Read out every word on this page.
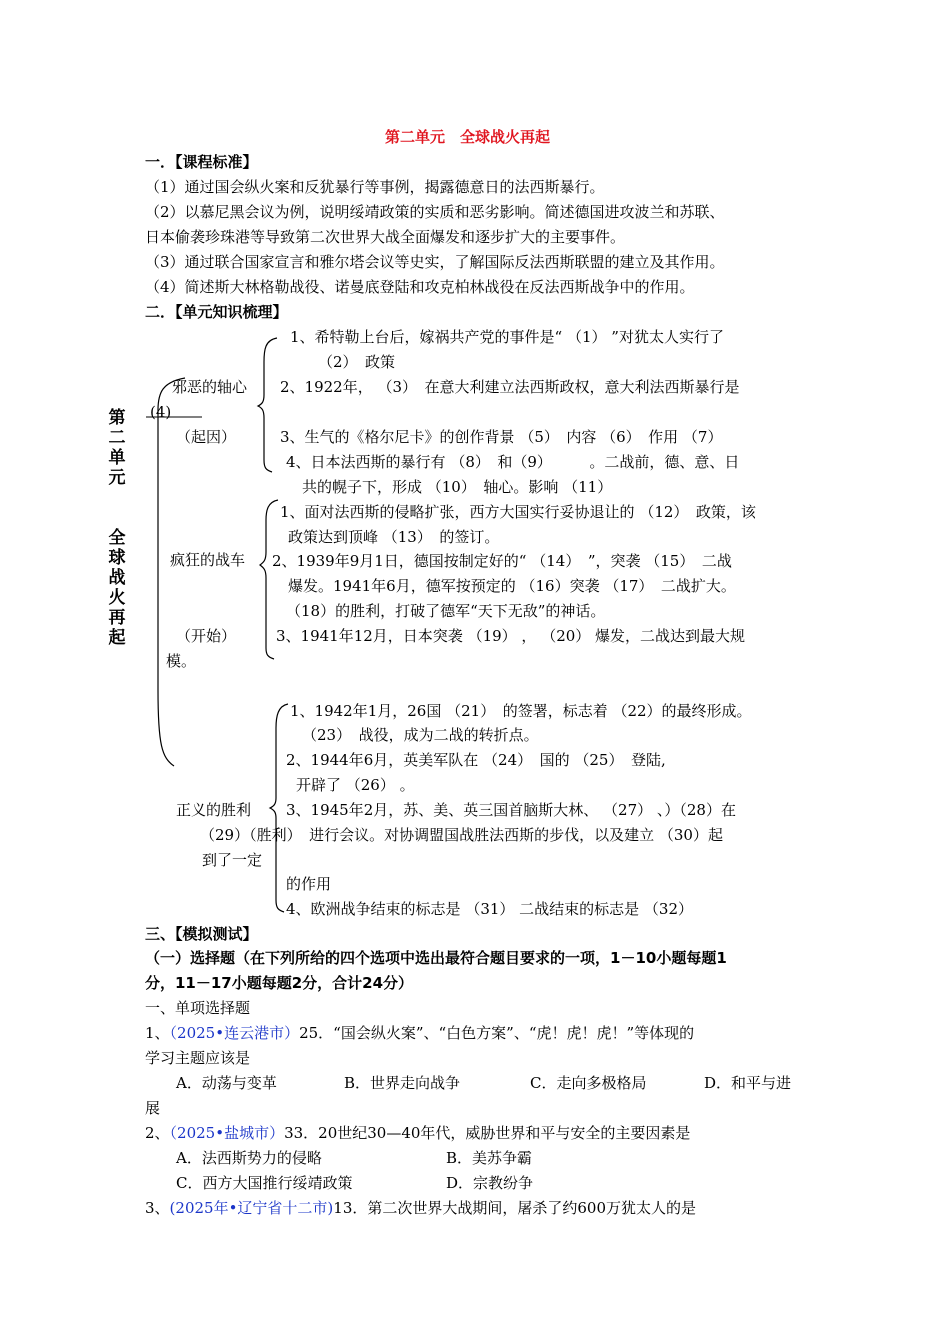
第二单元　全球战火再起
一．【课程标准】
（1）通过国会纵火案和反犹暴行等事例，揭露德意日的法西斯暴行。
（2）以慕尼黑会议为例，说明绥靖政策的实质和恶劣影响。简述德国进攻波兰和苏联、
日本偷袭珍珠港等导致第二次世界大战全面爆发和逐步扩大的主要事件。
（3）通过联合国家宣言和雅尔塔会议等史实，了解国际反法西斯联盟的建立及其作用。
（4）简述斯大林格勒战役、诺曼底登陆和攻克柏林战役在反法西斯战争中的作用。
二．【单元知识梳理】
第二单元
全球战火再起
邪恶的轴心
(4)
（起因）
1、希特勒上台后，嫁祸共产党的事件是“ （1） ”对犹太人实行了
（2）　政策
2、1922年， （3）　在意大利建立法西斯政权，意大利法西斯暴行是
3、生气的《格尔尼卡》的创作背景 （5）　内容 （6）　作用 （7）
4、日本法西斯的暴行有 （8）　和（9）　　　。二战前，德、意、日
共的幌子下，形成 （10）　轴心。影响 （11）
疯狂的战车
（开始）
模。
1、面对法西斯的侵略扩张，西方大国实行妥协退让的 （12）　政策，该
政策达到顶峰 （13）　的签订。
2、1939年9月1日，德国按制定好的“ （14）　”，突袭 （15）　二战
爆发。1941年6月，德军按预定的 （16）突袭 （17）　二战扩大。
（18）的胜利，打破了德军“天下无敌”的神话。
3、1941年12月，日本突袭 （19） ， （20） 爆发，二战达到最大规
正义的胜利
1、1942年1月，26国 （21）　的签署，标志着 （22）的最终形成。
（23）　战役，成为二战的转折点。
2、1944年6月，英美军队在 （24）　国的 （25）　登陆,
开辟了 （26） 。
3、1945年2月，苏、美、英三国首脑斯大林、 （27） 、）（28）在
（29）（胜利）　进行会议。对协调盟国战胜法西斯的步伐，以及建立 （30）起
到了一定
的作用
4、欧洲战争结束的标志是 （31） 二战结束的标志是 （32）
三、【模拟测试】
（一）选择题（在下列所给的四个选项中选出最符合题目要求的一项，1－10小题每题1
分，11－17小题每题2分，合计24分）
一、单项选择题
1、（2025•连云港市）25．“国会纵火案”、“白色方案”、“虎！虎！虎！”等体现的
学习主题应该是
A．动荡与变革	B．世界走向战争	C．走向多极格局	D．和平与进
展
2、（2025•盐城市）33．20世纪30—40年代，威胁世界和平与安全的主要因素是
A．法西斯势力的侵略	B．美苏争霸
C．西方大国推行绥靖政策	D．宗教纷争
3、(2025年•辽宁省十二市)13．第二次世界大战期间，屠杀了约600万犹太人的是
